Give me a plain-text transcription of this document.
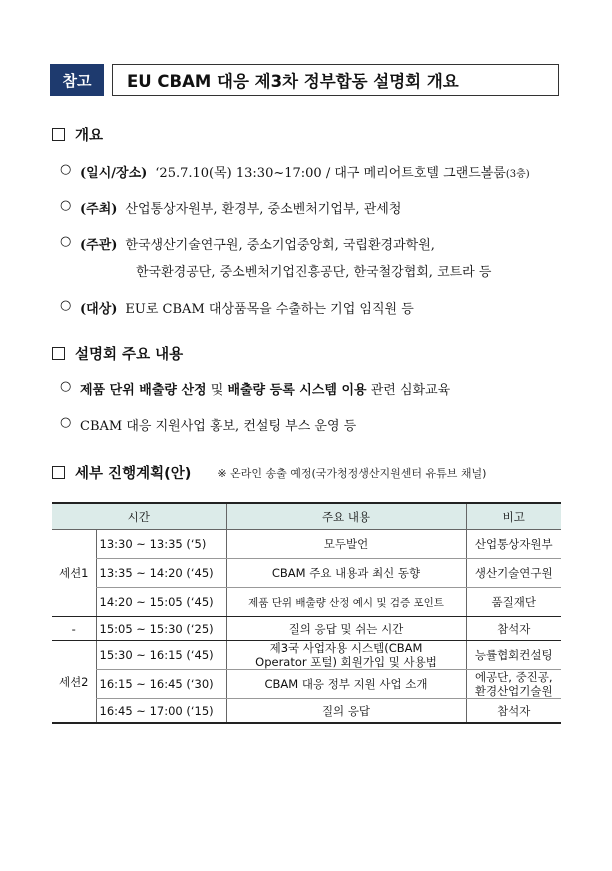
참고	EU CBAM 대응 제3차 정부합동 설명회 개요
개요
○ (일시/장소) ‘25.7.10(목) 13:30~17:00 / 대구 메리어트호텔 그랜드볼룸(3층)
○ (주최) 산업통상자원부, 환경부, 중소벤처기업부, 관세청
○ (주관) 한국생산기술연구원, 중소기업중앙회, 국립환경과학원,
한국환경공단, 중소벤처기업진흥공단, 한국철강협회, 코트라 등
○ (대상) EU로 CBAM 대상품목을 수출하는 기업 임직원 등
설명회 주요 내용
○ 제품 단위 배출량 산정 및 배출량 등록 시스템 이용 관련 심화교육
○ CBAM 대응 지원사업 홍보, 컨설팅 부스 운영 등
세부 진행계획(안) ※ 온라인 송출 예정(국가청정생산지원센터 유튜브 채널)
시간		주요 내용	비고
세션1	13:30 ~ 13:35 (‘5)	모두발언	산업통상자원부
	13:35 ~ 14:20 (‘45)	CBAM 주요 내용과 최신 동향	생산기술연구원
	14:20 ~ 15:05 (‘45)	제품 단위 배출량 산정 예시 및 검증 포인트	품질재단
-	15:05 ~ 15:30 (‘25)	질의 응답 및 쉬는 시간	참석자
세션2	15:30 ~ 16:15 (‘45)	제3국 사업자용 시스템(CBAM
Operator 포털) 회원가입 및 사용법	능률협회컨설팅
	16:15 ~ 16:45 (‘30)	CBAM 대응 정부 지원 사업 소개	에공단, 중진공,
환경산업기술원

	16:45 ~ 17:00 (‘15)	질의 응답	참석자
